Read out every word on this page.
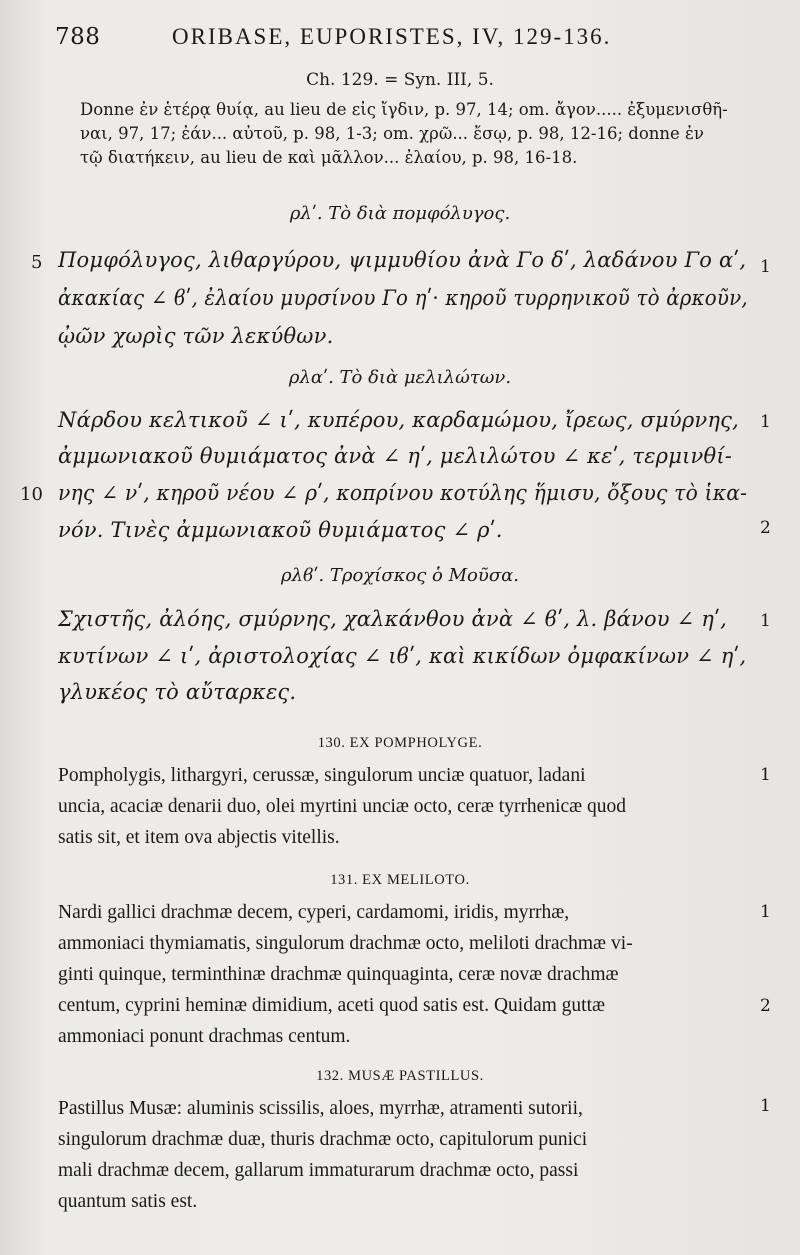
788	ORIBASE, EUPORISTES, IV, 129-136.
Ch. 129. = Syn. III, 5.
Donne ἐν ἑτέρᾳ θυίᾳ, au lieu de εἰς ἴγδιν, p. 97, 14; om. ἄγον..... ἐξυμενισθῆ-
ναι, 97, 17; ἐάν... αὐτοῦ, p. 98, 1-3; om. χρῶ... ἔσῳ, p. 98, 12-16; donne ἐν
τῷ διατήκειν, au lieu de καὶ μᾶλλον... ἐλαίου, p. 98, 16-18.
ρλʹ. Τὸ διὰ πομφόλυγος.
Πομφόλυγος, λιθαργύρου, ψιμμυθίου ἀνὰ Γο δʹ, λαδάνου Γο αʹ,
ἀκακίας ∠ ϐʹ, ἐλαίου μυρσίνου Γο ηʹ· κηροῦ τυρρηνικοῦ τὸ ἀρκοῦν,
ᾠῶν χωρὶς τῶν λεκύθων.
ρλαʹ. Τὸ διὰ μελιλώτων.
Νάρδου κελτικοῦ ∠ ιʹ, κυπέρου, καρδαμώμου, ἴρεως, σμύρνης,
ἀμμωνιακοῦ θυμιάματος ἀνὰ ∠ ηʹ, μελιλώτου ∠ κεʹ, τερμινθί-
νης ∠ νʹ, κηροῦ νέου ∠ ρʹ, κοπρίνου κοτύλης ἥμισυ, ὄξους τὸ ἱκα-
νόν. Τινὲς ἀμμωνιακοῦ θυμιάματος ∠ ρʹ.
ρλϐʹ. Τροχίσκος ὁ Μοῦσα.
Σχιστῆς, ἀλόης, σμύρνης, χαλκάνθου ἀνὰ ∠ ϐʹ, λ. βάνου ∠ ηʹ,
κυτίνων ∠ ιʹ, ἀριστολοχίας ∠ ιϐʹ, καὶ κικίδων ὀμφακίνων ∠ ηʹ,
γλυκέος τὸ αὔταρκες.
5
10
1
1
2
1
1
1
2
1
130. EX POMPHOLYGE.
Pompholygis, lithargyri, cerussæ, singulorum unciæ quatuor, ladani
uncia, acaciæ denarii duo, olei myrtini unciæ octo, ceræ tyrrhenicæ quod
satis sit, et item ova abjectis vitellis.
131. EX MELILOTO.
Nardi gallici drachmæ decem, cyperi, cardamomi, iridis, myrrhæ,
ammoniaci thymiamatis, singulorum drachmæ octo, meliloti drachmæ vi-
ginti quinque, terminthinæ drachmæ quinquaginta, ceræ novæ drachmæ
centum, cyprini heminæ dimidium, aceti quod satis est. Quidam guttæ
ammoniaci ponunt drachmas centum.
132. MUSÆ PASTILLUS.
Pastillus Musæ: aluminis scissilis, aloes, myrrhæ, atramenti sutorii,
singulorum drachmæ duæ, thuris drachmæ octo, capitulorum punici
mali drachmæ decem, gallarum immaturarum drachmæ octo, passi
quantum satis est.
